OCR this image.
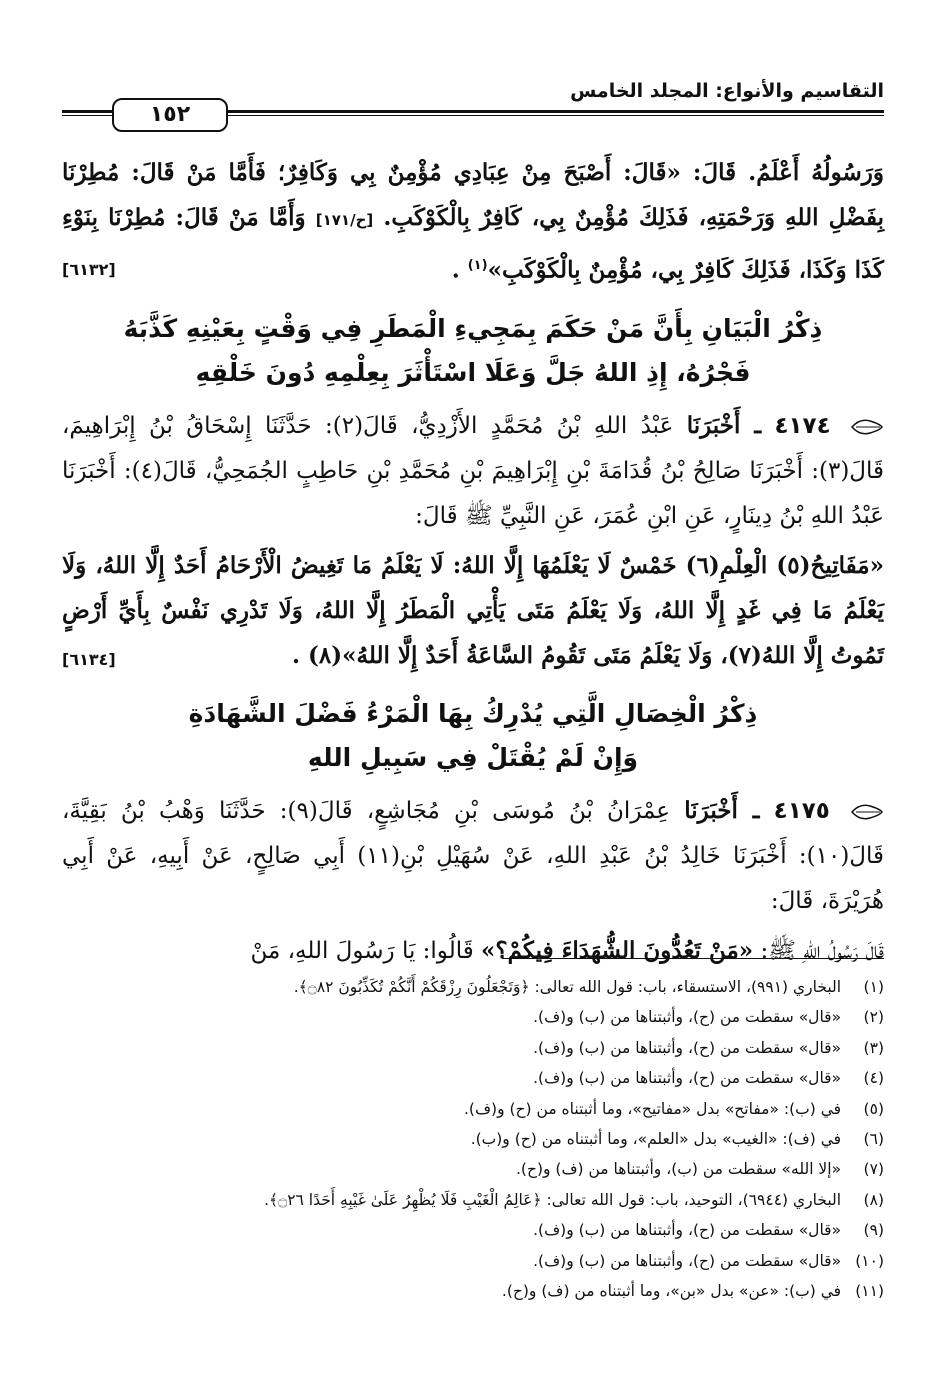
التقاسيم والأنواع: المجلد الخامس
١٥٢

وَرَسُولُهُ أَعْلَمُ. قَالَ: «قَالَ: أَصْبَحَ مِنْ عِبَادِي مُؤْمِنٌ بِي وَكَافِرٌ؛ فَأَمَّا مَنْ قَالَ: مُطِرْنَا بِفَضْلِ اللهِ وَرَحْمَتِهِ، فَذَلِكَ مُؤْمِنٌ بِي، كَافِرٌ بِالْكَوْكَبِ. [ح/١٧١] وَأَمَّا مَنْ قَالَ: مُطِرْنَا بِنَوْءِ كَذَا وَكَذَا، فَذَلِكَ كَافِرٌ بِي، مُؤْمِنٌ بِالْكَوْكَبِ»$^{(١)}$ .
[٦١٣٢]

ذِكْرُ الْبَيَانِ بِأَنَّ مَنْ حَكَمَ بِمَجِيءِ الْمَطَرِ فِي وَقْتٍ بِعَيْنِهِ كَذَّبَهُ
فَجْرُهُ، إِذِ اللهُ جَلَّ وَعَلَا اسْتَأْثَرَ بِعِلْمِهِ دُونَ خَلْقِهِ

٤١٧٤ ـ أَخْبَرَنَا عَبْدُ اللهِ بْنُ مُحَمَّدٍ الأَزْدِيُّ، قَالَ(٢): حَدَّثَنَا إِسْحَاقُ بْنُ إِبْرَاهِيمَ، قَالَ(٣): أَخْبَرَنَا صَالِحُ بْنُ قُدَامَةَ بْنِ إِبْرَاهِيمَ بْنِ مُحَمَّدِ بْنِ حَاطِبٍ الجُمَحِيُّ، قَالَ(٤): أَخْبَرَنَا عَبْدُ اللهِ بْنُ دِينَارٍ، عَنِ ابْنِ عُمَرَ، عَنِ النَّبِيِّ ﷺ قَالَ:

«مَفَاتِيحُ(٥) الْعِلْمِ(٦) خَمْسٌ لَا يَعْلَمُهَا إِلَّا اللهُ: لَا يَعْلَمُ مَا تَغِيضُ الْأَرْحَامُ أَحَدٌ إِلَّا اللهُ، وَلَا يَعْلَمُ مَا فِي غَدٍ إِلَّا اللهُ، وَلَا يَعْلَمُ مَتَى يَأْتِي الْمَطَرُ إِلَّا اللهُ، وَلَا تَدْرِي نَفْسٌ بِأَيِّ أَرْضٍ تَمُوتُ إِلَّا اللهُ(٧)، وَلَا يَعْلَمُ مَتَى تَقُومُ السَّاعَةُ أَحَدٌ إِلَّا اللهُ»(٨) .
[٦١٣٤]

ذِكْرُ الْخِصَالِ الَّتِي يُدْرِكُ بِهَا الْمَرْءُ فَضْلَ الشَّهَادَةِ
وَإِنْ لَمْ يُقْتَلْ فِي سَبِيلِ اللهِ

٤١٧٥ ـ أَخْبَرَنَا عِمْرَانُ بْنُ مُوسَى بْنِ مُجَاشِعٍ، قَالَ(٩): حَدَّثَنَا وَهْبُ بْنُ بَقِيَّةَ، قَالَ(١٠): أَخْبَرَنَا خَالِدُ بْنُ عَبْدِ اللهِ، عَنْ سُهَيْلِ بْنِ(١١) أَبِي صَالِحٍ، عَنْ أَبِيهِ، عَنْ أَبِي هُرَيْرَةَ، قَالَ:

قَالَ رَسُولُ اللهِ ﷺ: «مَنْ تَعُدُّونَ الشُّهَدَاءَ فِيكُمْ؟» قَالُوا: يَا رَسُولَ اللهِ، مَنْ

(١) البخاري (٩٩١)، الاستسقاء، باب: قول الله تعالى: ﴿وَتَجْعَلُونَ رِزْقَكُمْ أَنَّكُمْ تُكَذِّبُونَ ۝٨٢﴾.
(٢) «قال» سقطت من (ح)، وأثبتناها من (ب) و(ف).
(٣) «قال» سقطت من (ح)، وأثبتناها من (ب) و(ف).
(٤) «قال» سقطت من (ح)، وأثبتناها من (ب) و(ف).
(٥) في (ب): «مفاتح» بدل «مفاتيح»، وما أثبتناه من (ح) و(ف).
(٦) في (ف): «الغيب» بدل «العلم»، وما أثبتناه من (ح) و(ب).
(٧) «إلا الله» سقطت من (ب)، وأثبتناها من (ف) و(ح).
(٨) البخاري (٦٩٤٤)، التوحيد، باب: قول الله تعالى: ﴿عَالِمُ الْغَيْبِ فَلَا يُظْهِرُ عَلَىٰ غَيْبِهِ أَحَدًا ۝٢٦﴾.
(٩) «قال» سقطت من (ح)، وأثبتناها من (ب) و(ف).
(١٠) «قال» سقطت من (ح)، وأثبتناها من (ب) و(ف).
(١١) في (ب): «عن» بدل «بن»، وما أثبتناه من (ف) و(ح).
